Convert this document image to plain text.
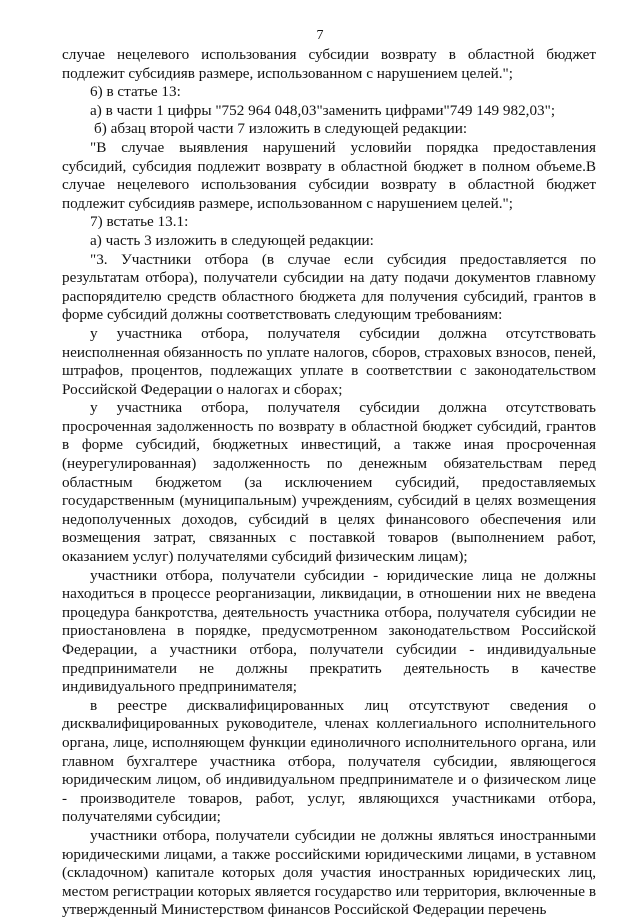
7

случае нецелевого использования субсидии возврату в областной бюджет подлежит субсидияв размере, использованном с нарушением целей.";

6) в статье 13:

а) в части 1 цифры "752 964 048,03"заменить цифрами"749 149 982,03";

б) абзац второй части 7 изложить в следующей редакции:

"В случае выявления нарушений условийи порядка предоставления субсидий, субсидия подлежит возврату в областной бюджет в полном объеме.В случае нецелевого использования субсидии возврату в областной бюджет подлежит субсидияв размере, использованном с нарушением целей.";

7) встатье 13.1:

а) часть 3 изложить в следующей редакции:

"3. Участники отбора (в случае если субсидия предоставляется по результатам отбора), получатели субсидии на дату подачи документов главному распорядителю средств областного бюджета для получения субсидий, грантов в форме субсидий должны соответствовать следующим требованиям:

у участника отбора, получателя субсидии должна отсутствовать неисполненная обязанность по уплате налогов, сборов, страховых взносов, пеней, штрафов, процентов, подлежащих уплате в соответствии с законодательством Российской Федерации о налогах и сборах;

у участника отбора, получателя субсидии должна отсутствовать просроченная задолженность по возврату в областной бюджет субсидий, грантов в форме субсидий, бюджетных инвестиций, а также иная просроченная (неурегулированная) задолженность по денежным обязательствам перед областным бюджетом (за исключением субсидий, предоставляемых государственным (муниципальным) учреждениям, субсидий в целях возмещения недополученных доходов, субсидий в целях финансового обеспечения или возмещения затрат, связанных с поставкой товаров (выполнением работ, оказанием услуг) получателями субсидий физическим лицам);

участники отбора, получатели субсидии - юридические лица не должны находиться в процессе реорганизации, ликвидации, в отношении них не введена процедура банкротства, деятельность участника отбора, получателя субсидии не приостановлена в порядке, предусмотренном законодательством Российской Федерации, а участники отбора, получатели субсидии - индивидуальные предприниматели не должны прекратить деятельность в качестве индивидуального предпринимателя;

в реестре дисквалифицированных лиц отсутствуют сведения о дисквалифицированных руководителе, членах коллегиального исполнительного органа, лице, исполняющем функции единоличного исполнительного органа, или главном бухгалтере участника отбора, получателя субсидии, являющегося юридическим лицом, об индивидуальном предпринимателе и о физическом лице - производителе товаров, работ, услуг, являющихся участниками отбора, получателями субсидии;

участники отбора, получатели субсидии не должны являться иностранными юридическими лицами, а также российскими юридическими лицами, в уставном (складочном) капитале которых доля участия иностранных юридических лиц, местом регистрации которых является государство или территория, включенные в утвержденный Министерством финансов Российской Федерации перечень
